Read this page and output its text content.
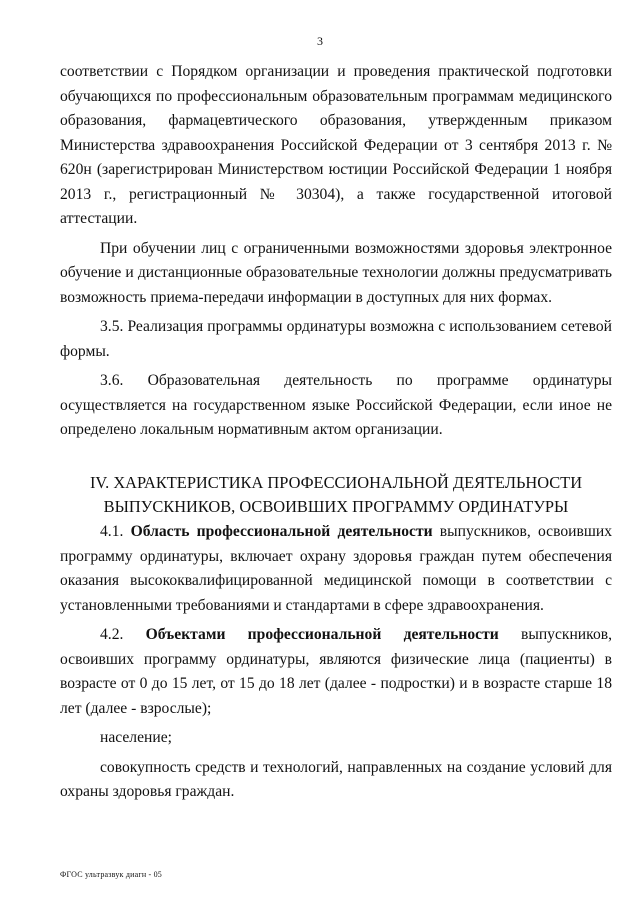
3

соответствии с Порядком организации и проведения практической подготовки обучающихся по профессиональным образовательным программам медицинского образования, фармацевтического образования, утвержденным приказом Министерства здравоохранения Российской Федерации от 3 сентября 2013 г. № 620н (зарегистрирован Министерством юстиции Российской Федерации 1 ноября 2013 г., регистрационный № 30304), а также государственной итоговой аттестации.

При обучении лиц с ограниченными возможностями здоровья электронное обучение и дистанционные образовательные технологии должны предусматривать возможность приема-передачи информации в доступных для них формах.

3.5. Реализация программы ординатуры возможна с использованием сетевой формы.

3.6. Образовательная деятельность по программе ординатуры осуществляется на государственном языке Российской Федерации, если иное не определено локальным нормативным актом организации.

IV. ХАРАКТЕРИСТИКА ПРОФЕССИОНАЛЬНОЙ ДЕЯТЕЛЬНОСТИ
ВЫПУСКНИКОВ, ОСВОИВШИХ ПРОГРАММУ ОРДИНАТУРЫ

4.1. Область профессиональной деятельности выпускников, освоивших программу ординатуры, включает охрану здоровья граждан путем обеспечения оказания высококвалифицированной медицинской помощи в соответствии с установленными требованиями и стандартами в сфере здравоохранения.

4.2. Объектами профессиональной деятельности выпускников, освоивших программу ординатуры, являются физические лица (пациенты) в возрасте от 0 до 15 лет, от 15 до 18 лет (далее - подростки) и в возрасте старше 18 лет (далее - взрослые);

население;

совокупность средств и технологий, направленных на создание условий для охраны здоровья граждан.

ФГОС ультразвук диагн - 05
